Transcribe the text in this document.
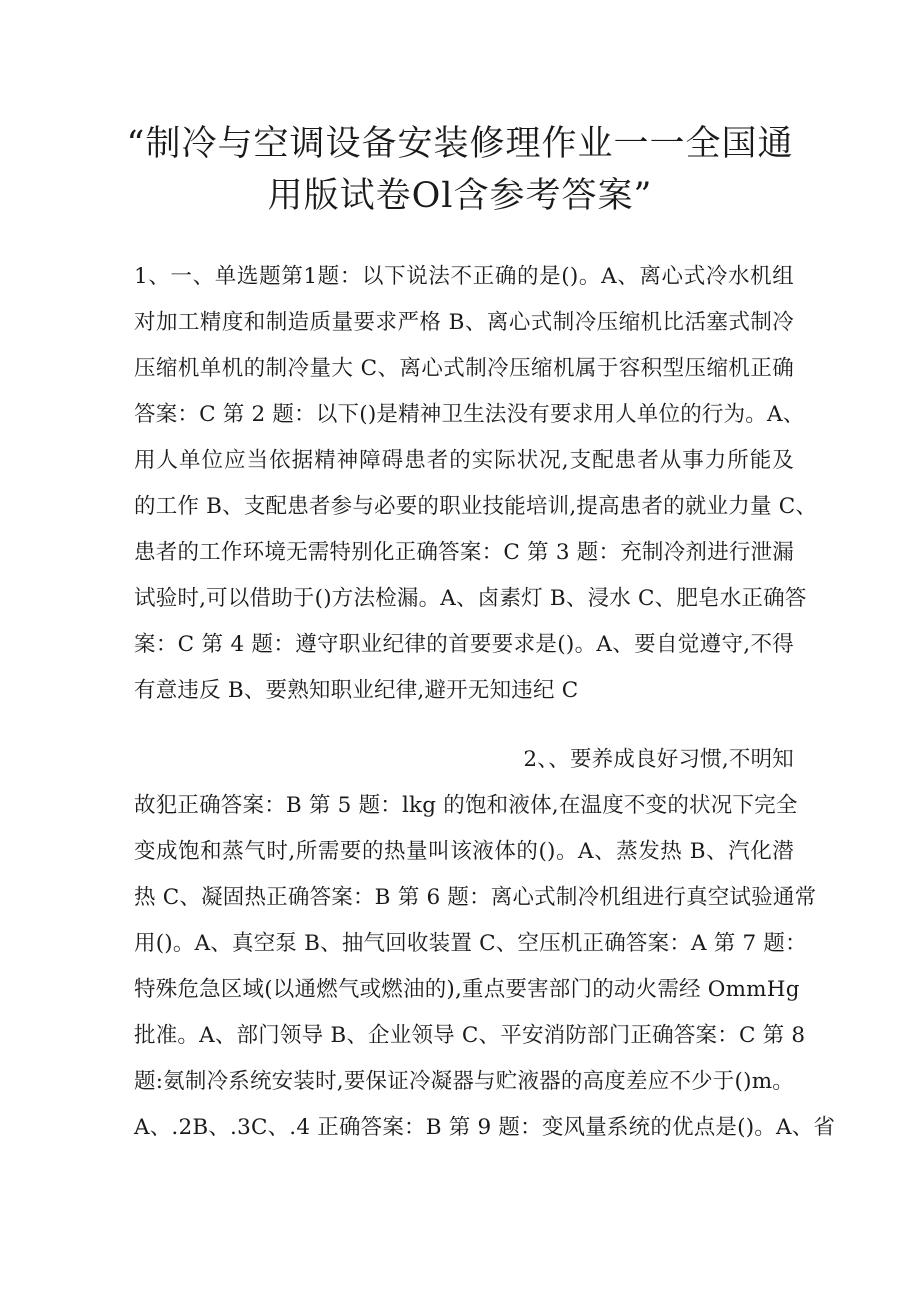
“制冷与空调设备安装修理作业一一全国通
用版试卷Ol含参考答案”
1、一、单选题第1题：以下说法不正确的是()。A、离心式冷水机组
对加工精度和制造质量要求严格 B、离心式制冷压缩机比活塞式制冷
压缩机单机的制冷量大 C、离心式制冷压缩机属于容积型压缩机正确
答案：C 第 2 题：以下()是精神卫生法没有要求用人单位的行为。A、
用人单位应当依据精神障碍患者的实际状况,支配患者从事力所能及
的工作 B、支配患者参与必要的职业技能培训,提高患者的就业力量 C、
患者的工作环境无需特别化正确答案：C 第 3 题：充制冷剂进行泄漏
试验时,可以借助于()方法检漏。A、卤素灯 B、浸水 C、肥皂水正确答
案：C 第 4 题：遵守职业纪律的首要要求是()。A、要自觉遵守,不得
有意违反 B、要熟知职业纪律,避开无知违纪 C
2、、要养成良好习惯,不明知
故犯正确答案：B 第 5 题：lkg 的饱和液体,在温度不变的状况下完全
变成饱和蒸气时,所需要的热量叫该液体的()。A、蒸发热 B、汽化潜
热 C、凝固热正确答案：B 第 6 题：离心式制冷机组进行真空试验通常
用()。A、真空泵 B、抽气回收装置 C、空压机正确答案：A 第 7 题：
特殊危急区域(以通燃气或燃油的),重点要害部门的动火需经 OmmHg
批准。A、部门领导 B、企业领导 C、平安消防部门正确答案：C 第 8
题:氨制冷系统安装时,要保证冷凝器与贮液器的高度差应不少于()m。
A、.2B、.3C、.4 正确答案：B 第 9 题：变风量系统的优点是()。A、省
